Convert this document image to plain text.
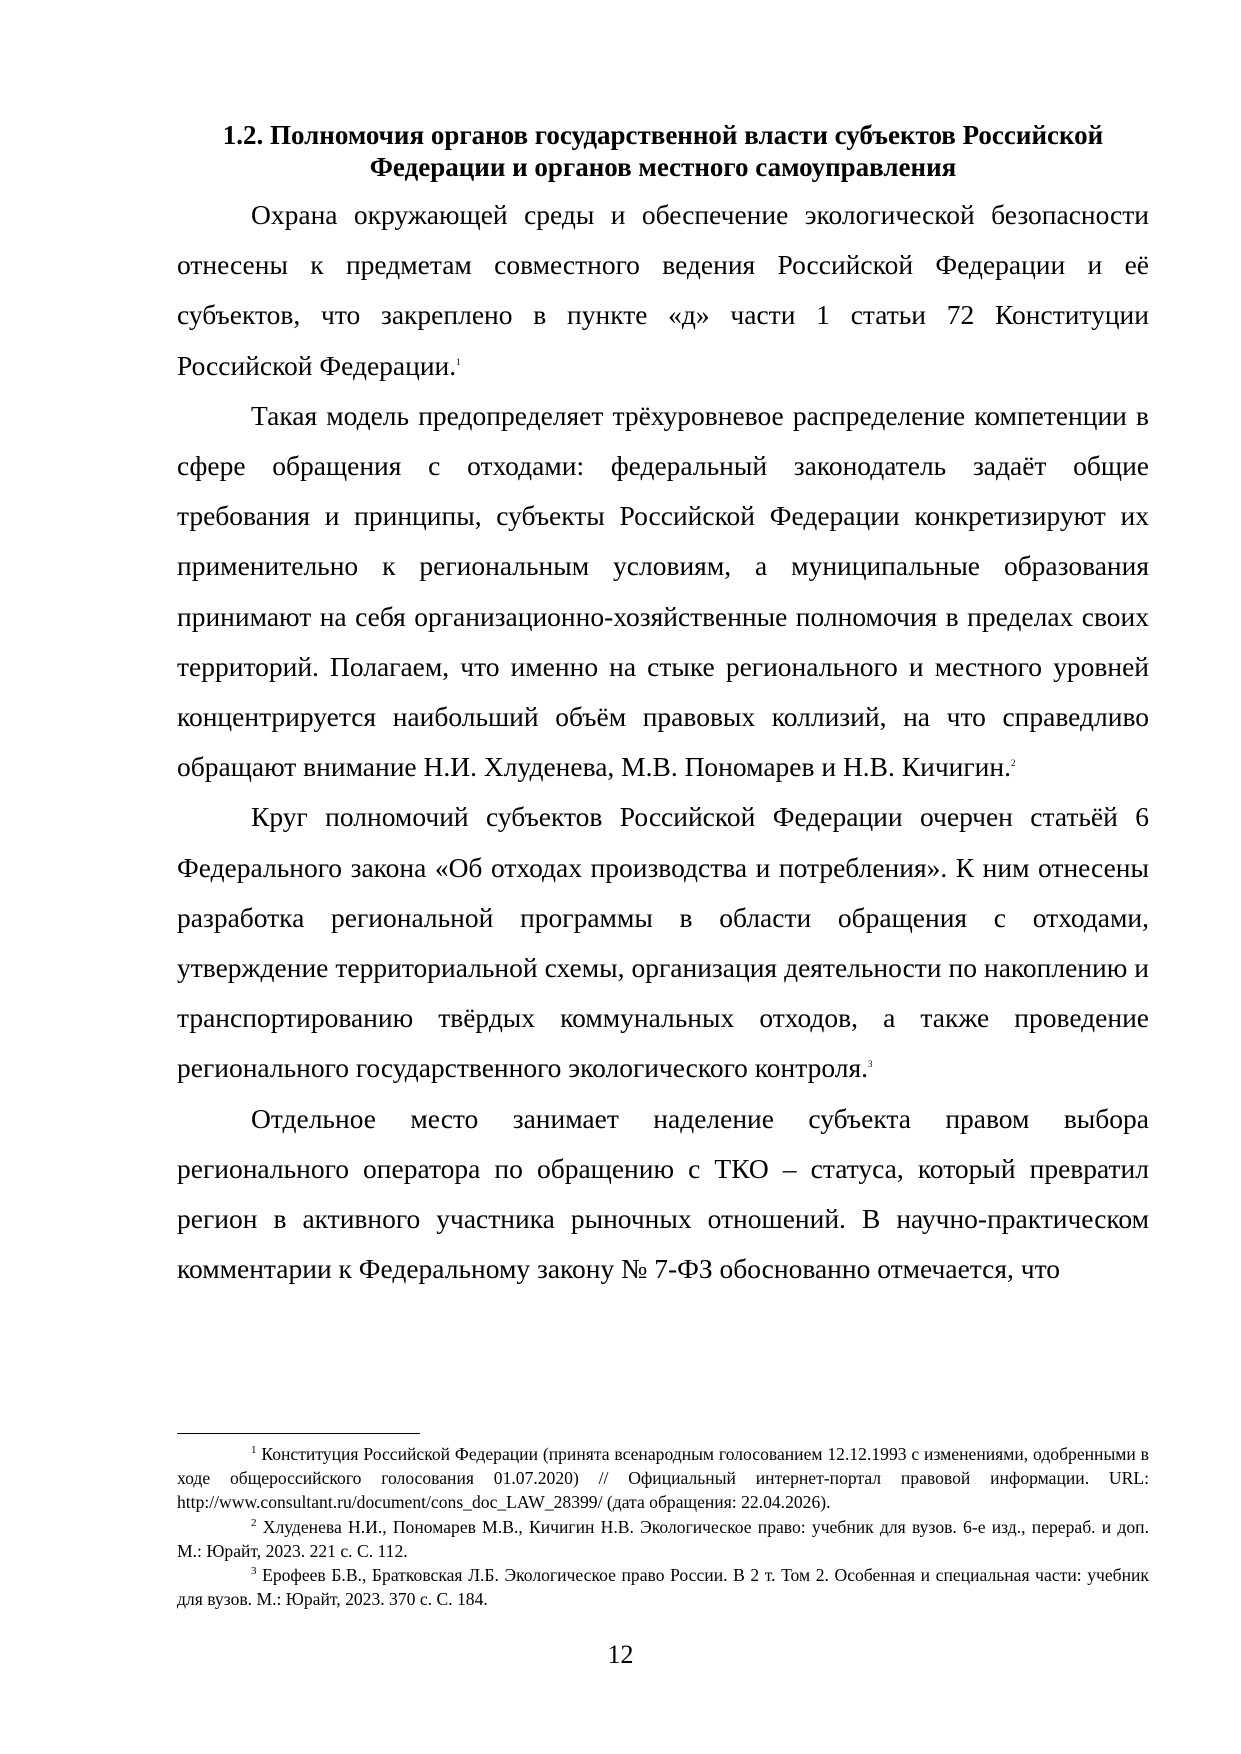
1.2. Полномочия органов государственной власти субъектов Российской
Федерации и органов местного самоуправления

Охрана окружающей среды и обеспечение экологической безопасности отнесены к предметам совместного ведения Российской Федерации и её субъектов, что закреплено в пункте «д» части 1 статьи 72 Конституции Российской Федерации.$^1$

Такая модель предопределяет трёхуровневое распределение компетенции в сфере обращения с отходами: федеральный законодатель задаёт общие требования и принципы, субъекты Российской Федерации конкретизируют их применительно к региональным условиям, а муниципальные образования принимают на себя организационно-хозяйственные полномочия в пределах своих территорий. Полагаем, что именно на стыке регионального и местного уровней концентрируется наибольший объём правовых коллизий, на что справедливо обращают внимание Н.И. Хлуденева, М.В. Пономарев и Н.В. Кичигин.$^2$

Круг полномочий субъектов Российской Федерации очерчен статьёй 6 Федерального закона «Об отходах производства и потребления». К ним отнесены разработка региональной программы в области обращения с отходами, утверждение территориальной схемы, организация деятельности по накоплению и транспортированию твёрдых коммунальных отходов, а также проведение регионального государственного экологического контроля.$^3$

Отдельное место занимает наделение субъекта правом выбора регионального оператора по обращению с ТКО – статуса, который превратил регион в активного участника рыночных отношений. В научно-практическом комментарии к Федеральному закону № 7-ФЗ обоснованно отмечается, что

$^1$ Конституция Российской Федерации (принята всенародным голосованием 12.12.1993 с изменениями, одобренными в ходе общероссийского голосования 01.07.2020) // Официальный интернет-портал правовой информации. URL: http://www.consultant.ru/document/cons_doc_LAW_28399/ (дата обращения: 22.04.2026).

$^2$ Хлуденева Н.И., Пономарев М.В., Кичигин Н.В. Экологическое право: учебник для вузов. 6-е изд., перераб. и доп. М.: Юрайт, 2023. 221 с. С. 112.

$^3$ Ерофеев Б.В., Братковская Л.Б. Экологическое право России. В 2 т. Том 2. Особенная и специальная части: учебник для вузов. М.: Юрайт, 2023. 370 с. С. 184.

12
